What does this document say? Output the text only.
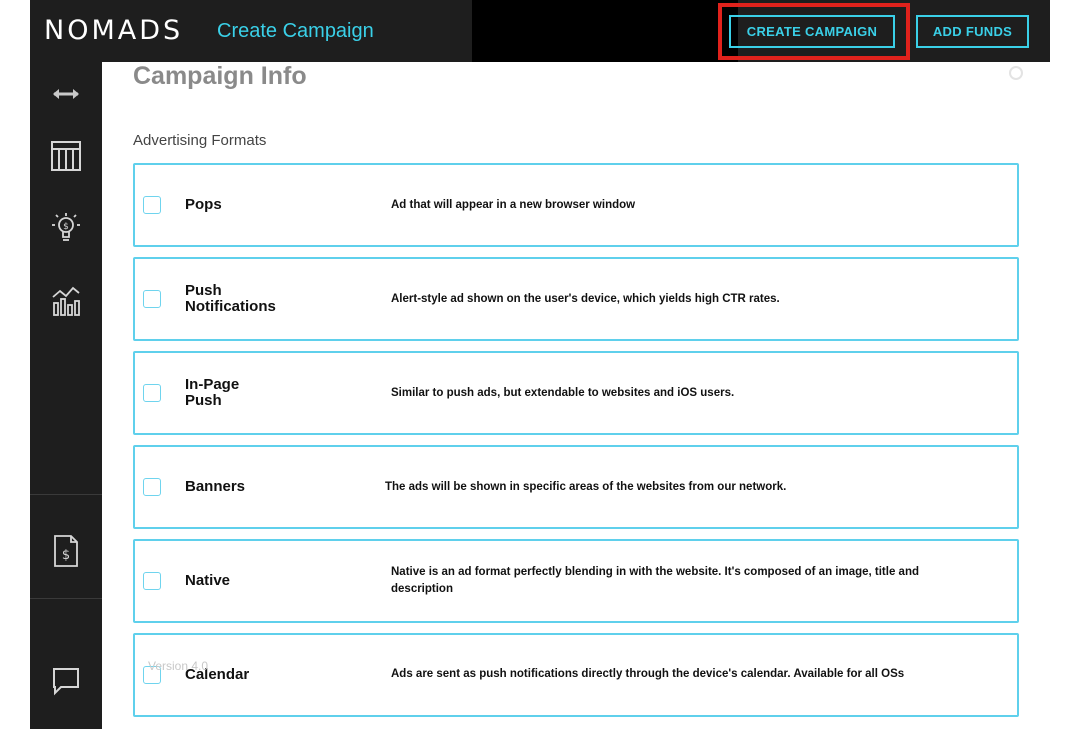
NOMADS Create Campaign	CREATE CAMPAIGN	ADD FUNDS
$
$
Campaign Info
Advertising Formats
Pops	Ad that will appear in a new browser window
Push
Notifications	Alert-style ad shown on the user's device, which yields high CTR rates.
In-Page
Push	Similar to push ads, but extendable to websites and iOS users.
Banners	The ads will be shown in specific areas of the websites from our network.
Native	Native is an ad format perfectly blending in with the website. It's composed of an image, title and
description
Calendar	Ads are sent as push notifications directly through the device's calendar. Available for all OSs
Version 4.0
